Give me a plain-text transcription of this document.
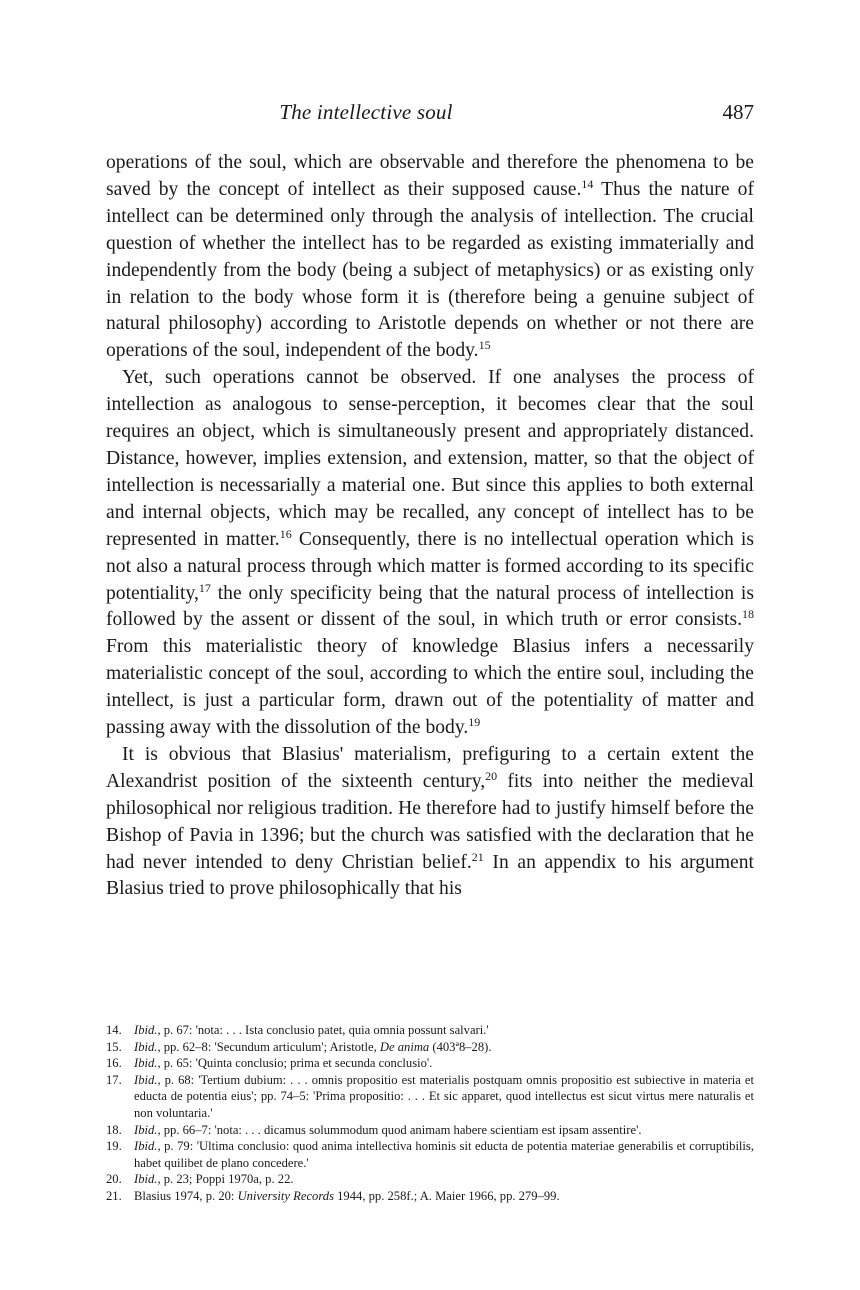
The intellective soul	487

operations of the soul, which are observable and therefore the phenomena to be saved by the concept of intellect as their supposed cause.$^{14}$ Thus the nature of intellect can be determined only through the analysis of intellection. The crucial question of whether the intellect has to be regarded as existing immaterially and independently from the body (being a subject of metaphysics) or as existing only in relation to the body whose form it is (therefore being a genuine subject of natural philosophy) according to Aristotle depends on whether or not there are operations of the soul, independent of the body.$^{15}$

Yet, such operations cannot be observed. If one analyses the process of intellection as analogous to sense-perception, it becomes clear that the soul requires an object, which is simultaneously present and appropriately distanced. Distance, however, implies extension, and extension, matter, so that the object of intellection is necessarially a material one. But since this applies to both external and internal objects, which may be recalled, any concept of intellect has to be represented in matter.$^{16}$ Consequently, there is no intellectual operation which is not also a natural process through which matter is formed according to its specific potentiality,$^{17}$ the only specificity being that the natural process of intellection is followed by the assent or dissent of the soul, in which truth or error consists.$^{18}$ From this materialistic theory of knowledge Blasius infers a necessarily materialistic concept of the soul, according to which the entire soul, including the intellect, is just a particular form, drawn out of the potentiality of matter and passing away with the dissolution of the body.$^{19}$

It is obvious that Blasius' materialism, prefiguring to a certain extent the Alexandrist position of the sixteenth century,$^{20}$ fits into neither the medieval philosophical nor religious tradition. He therefore had to justify himself before the Bishop of Pavia in 1396; but the church was satisfied with the declaration that he had never intended to deny Christian belief.$^{21}$ In an appendix to his argument Blasius tried to prove philosophically that his

14. Ibid., p. 67: 'nota: . . . Ista conclusio patet, quia omnia possunt salvari.'
15. Ibid., pp. 62–8: 'Secundum articulum'; Aristotle, De anima (403ª8–28).
16. Ibid., p. 65: 'Quinta conclusio; prima et secunda conclusio'.
17. Ibid., p. 68: 'Tertium dubium: . . . omnis propositio est materialis postquam omnis propositio est subiective in materia et educta de potentia eius'; pp. 74–5: 'Prima propositio: . . . Et sic apparet, quod intellectus est sicut virtus mere naturalis et non voluntaria.'
18. Ibid., pp. 66–7: 'nota: . . . dicamus solummodum quod animam habere scientiam est ipsam assentire'.
19. Ibid., p. 79: 'Ultima conclusio: quod anima intellectiva hominis sit educta de potentia materiae generabilis et corruptibilis, habet quilibet de plano concedere.'
20. Ibid., p. 23; Poppi 1970a, p. 22.
21. Blasius 1974, p. 20: University Records 1944, pp. 258f.; A. Maier 1966, pp. 279–99.
